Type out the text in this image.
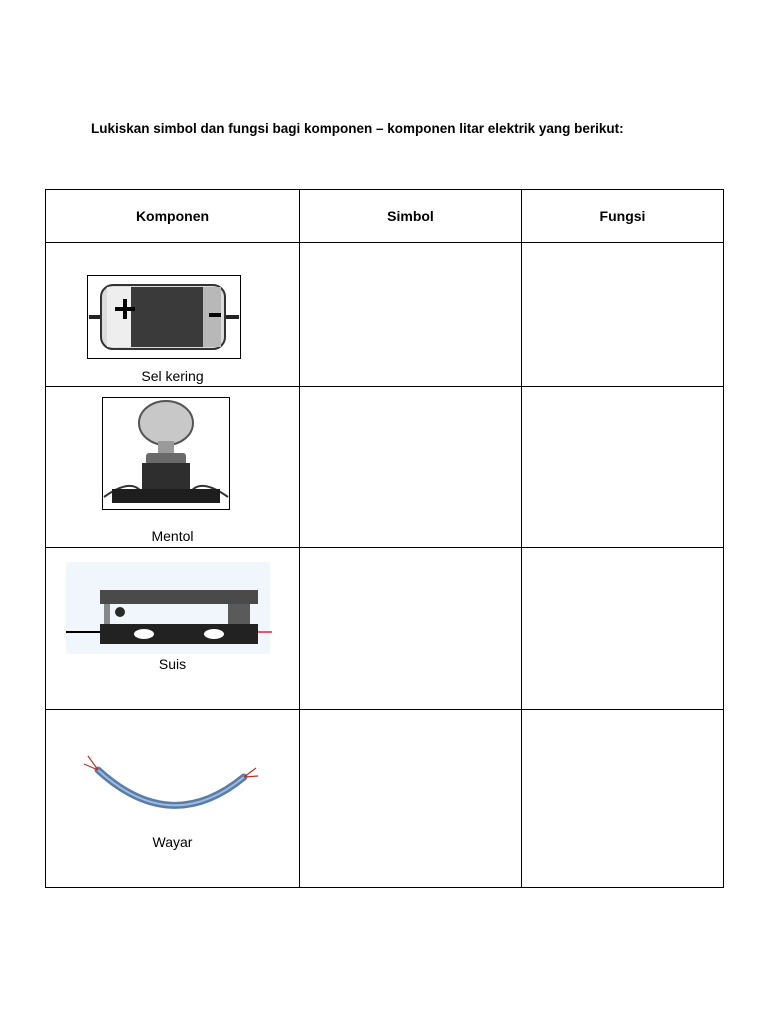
Lukiskan simbol dan fungsi bagi komponen – komponen litar elektrik yang berikut:
Komponen	Simbol	Fungsi

Sel kering		

Mentol		

Suis		

Wayar		
